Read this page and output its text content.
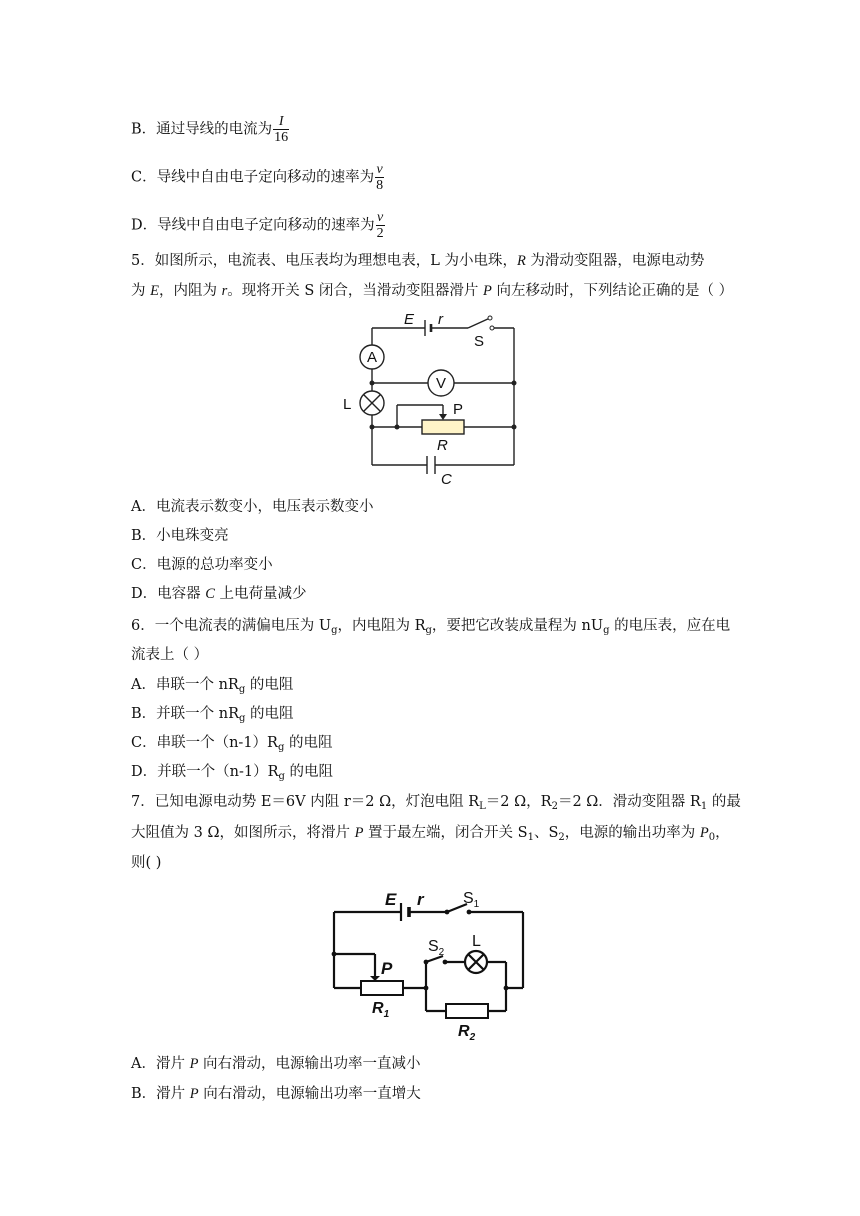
B．通过导线的电流为 $\frac{I}{16}$
C．导线中自由电子定向移动的速率为 $\frac{v}{8}$
D．导线中自由电子定向移动的速率为 $\frac{v}{2}$
5．如图所示，电流表、电压表均为理想电表，L 为小电珠，R 为滑动变阻器，电源电动势
为 E，内阻为 r。现将开关 S 闭合，当滑动变阻器滑片 P 向左移动时，下列结论正确的是（ ）
E r
S
A
V
L	P
R
C
A．电流表示数变小，电压表示数变小
B．小电珠变亮
C．电源的总功率变小
D．电容器 C 上电荷量减少
6．一个电流表的满偏电压为 $U_g$，内电阻为 $R_g$，要把它改装成量程为 $nU_g$ 的电压表，应在电
流表上（ ）
A．串联一个 $nR_g$ 的电阻
B．并联一个 $nR_g$ 的电阻
C．串联一个$(n-1)R_g$ 的电阻
D．并联一个$(n-1)R_g$ 的电阻
7．已知电源电动势 E＝6V 内阻 r＝2 Ω，灯泡电阻 $R_L=2$ Ω，$R_2=2$ Ω．滑动变阻器 $R_1$ 的最
大阻值为 3 Ω，如图所示，将滑片 P 置于最左端，闭合开关 $S_1$、$S_2$，电源的输出功率为 $P_0$，
则( )
E r
P
$S_1$
$S_2$
L
$R_1$
$R_2$
A．滑片 P 向右滑动，电源输出功率一直减小
B．滑片 P 向右滑动，电源输出功率一直增大
